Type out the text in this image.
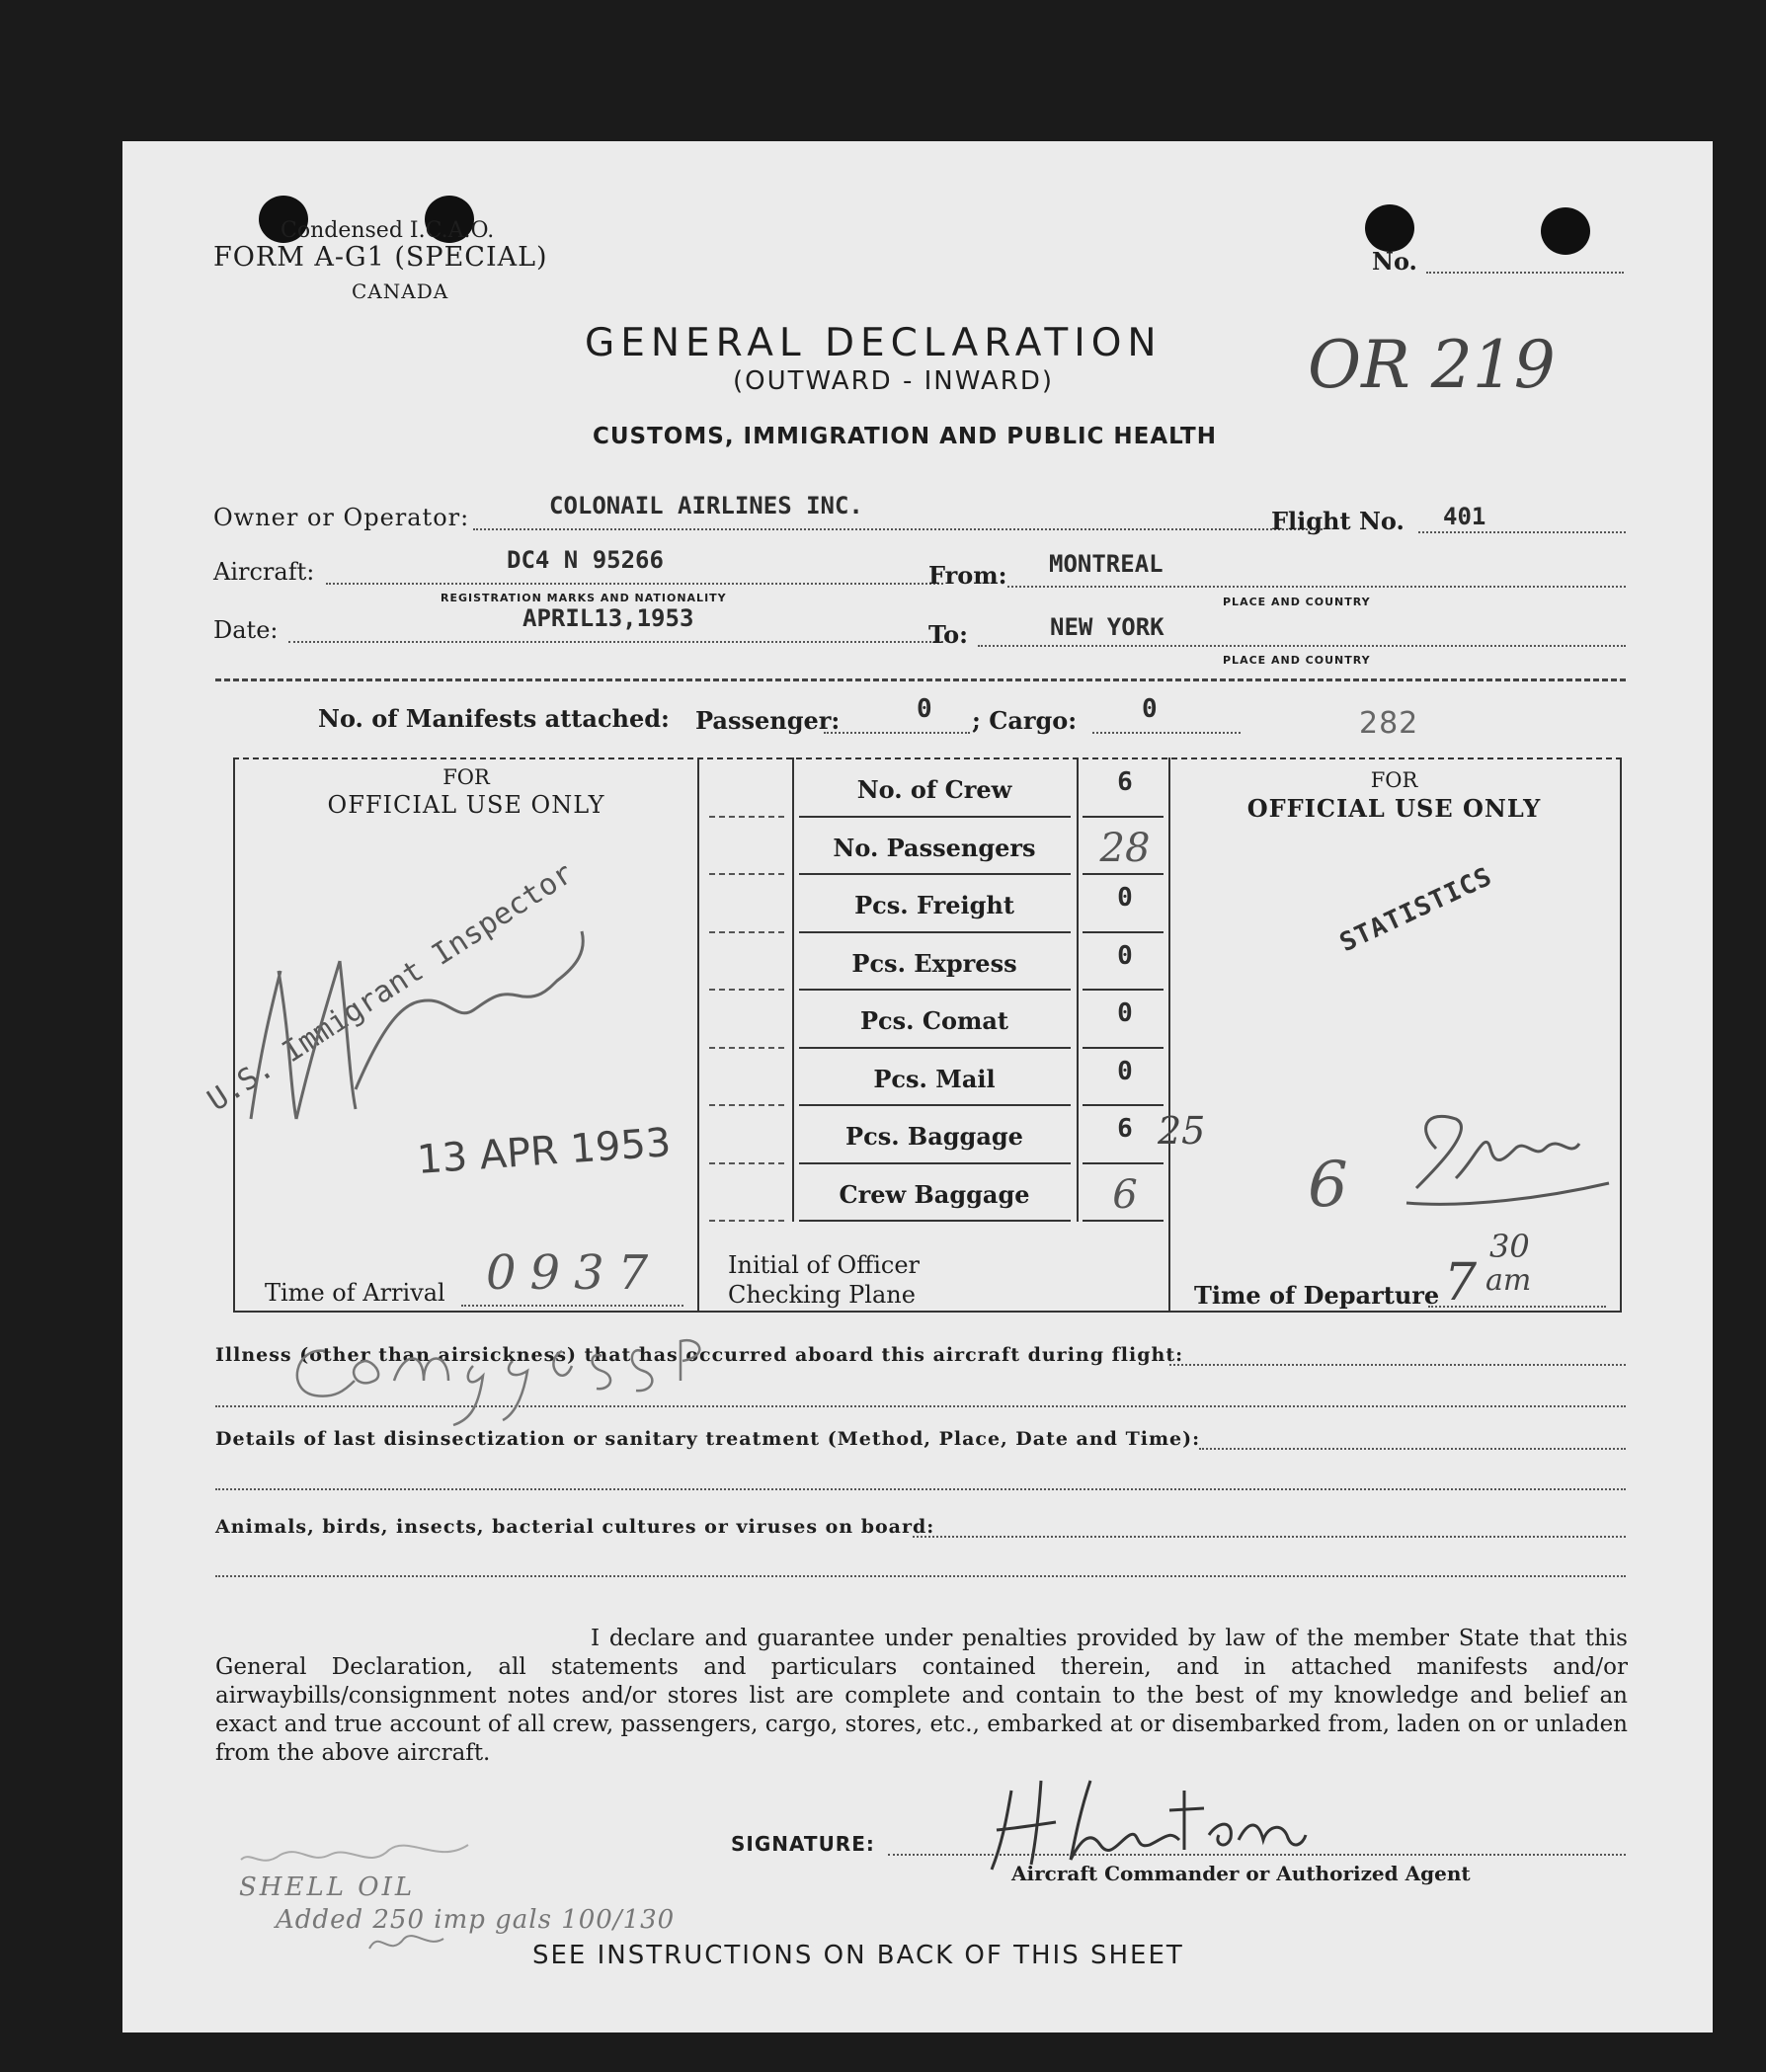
Condensed I.C.A.O.
FORM A-G1 (SPECIAL)
CANADA
No.
GENERAL DECLARATION
(OUTWARD - INWARD)	OR 219
CUSTOMS, IMMIGRATION AND PUBLIC HEALTH
Owner or Operator:	COLONAIL AIRLINES INC.
Flight No. 401
Aircraft:	DC4 N 95266
REGISTRATION MARKS AND NATIONALITY
From: MONTREAL
PLACE AND COUNTRY
Date:	APRIL13,1953
To:	NEW YORK
PLACE AND COUNTRY
No. of Manifests attached: Passenger:	0 ; Cargo:	0	282
FOR
OFFICIAL USE ONLY
FOR
OFFICIAL USE ONLY
No. of Crew	6
No. Passengers	28
Pcs. Freight	0
Pcs. Express	0
Pcs. Comat	0
Pcs. Mail	0
Pcs. Baggage	6
Crew Baggage	6
U.S. Immigrant Inspector
13 APR 1953
STATISTICS
25
6
Time of Arrival 0937	Initial of Officer
Checking Plane	Time of Departure 7
30
am
Illness (other than airsickness) that has occurred aboard this aircraft during flight:
Details of last disinsectization or sanitary treatment (Method, Place, Date and Time):
Animals, birds, insects, bacterial cultures or viruses on board:
I declare and guarantee under penalties provided by law of the member State that this General Declaration, all statements and particulars contained therein, and in attached manifests and/or airwaybills/consignment notes and/or stores list are complete and contain to the best of my knowledge and belief an exact and true account of all crew, passengers, cargo, stores, etc., embarked at or disembarked from, laden on or unladen from the above aircraft.
SIGNATURE:
Aircraft Commander or Authorized Agent
SHELL OIL
Added 250 imp gals 100/130
SEE INSTRUCTIONS ON BACK OF THIS SHEET
